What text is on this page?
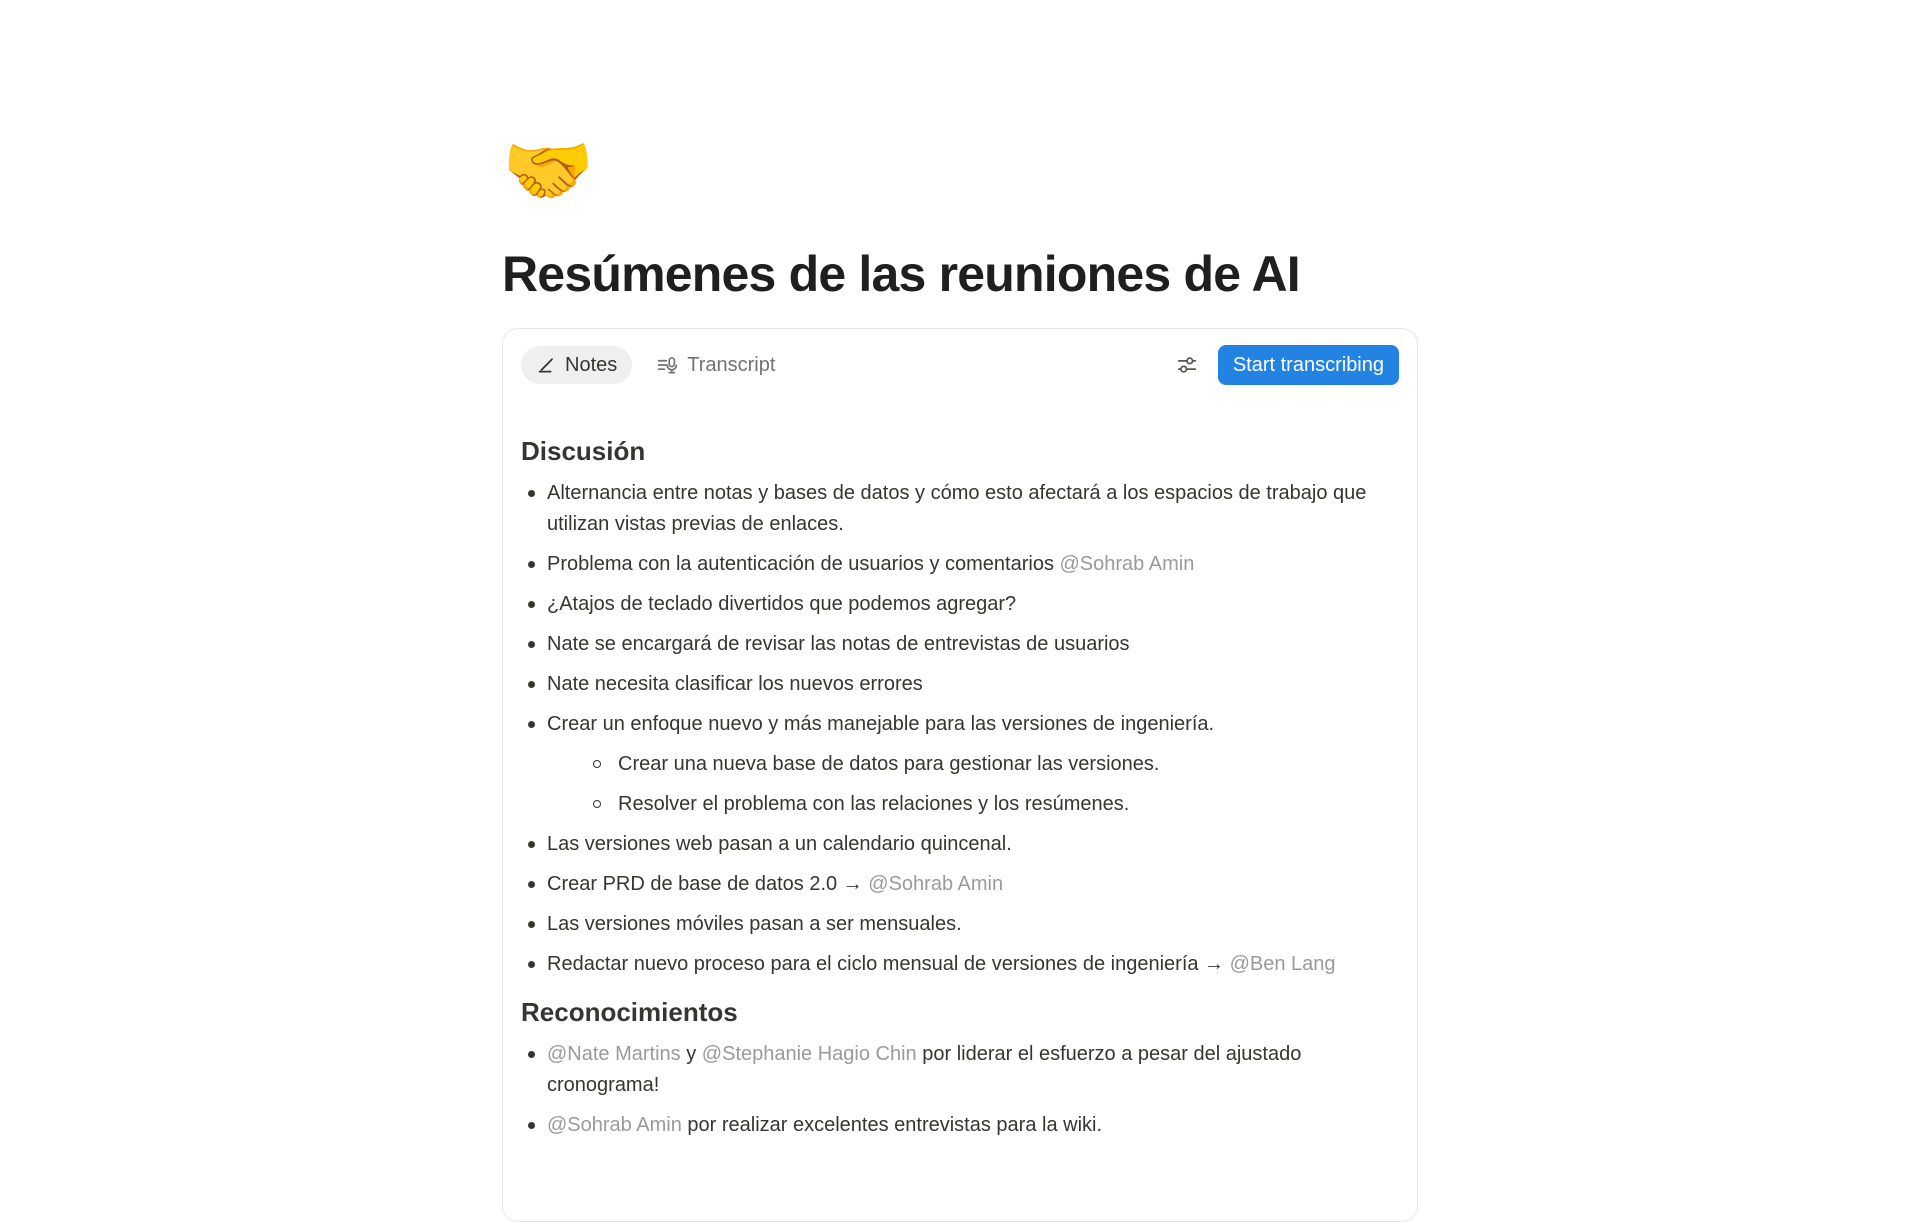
🤝
Resúmenes de las reuniones de AI
Notes	Transcript	Start transcribing
Discusión
Alternancia entre notas y bases de datos y cómo esto afectará a los espacios de trabajo que utilizan vistas previas de enlaces.
Problema con la autenticación de usuarios y comentarios @Sohrab Amin
¿Atajos de teclado divertidos que podemos agregar?
Nate se encargará de revisar las notas de entrevistas de usuarios
Nate necesita clasificar los nuevos errores
Crear un enfoque nuevo y más manejable para las versiones de ingeniería.
Crear una nueva base de datos para gestionar las versiones.
Resolver el problema con las relaciones y los resúmenes.
Las versiones web pasan a un calendario quincenal.
Crear PRD de base de datos 2.0 → @Sohrab Amin
Las versiones móviles pasan a ser mensuales.
Redactar nuevo proceso para el ciclo mensual de versiones de ingeniería → @Ben Lang
Reconocimientos
@Nate Martins y @Stephanie Hagio Chin por liderar el esfuerzo a pesar del ajustado cronograma!
@Sohrab Amin por realizar excelentes entrevistas para la wiki.
